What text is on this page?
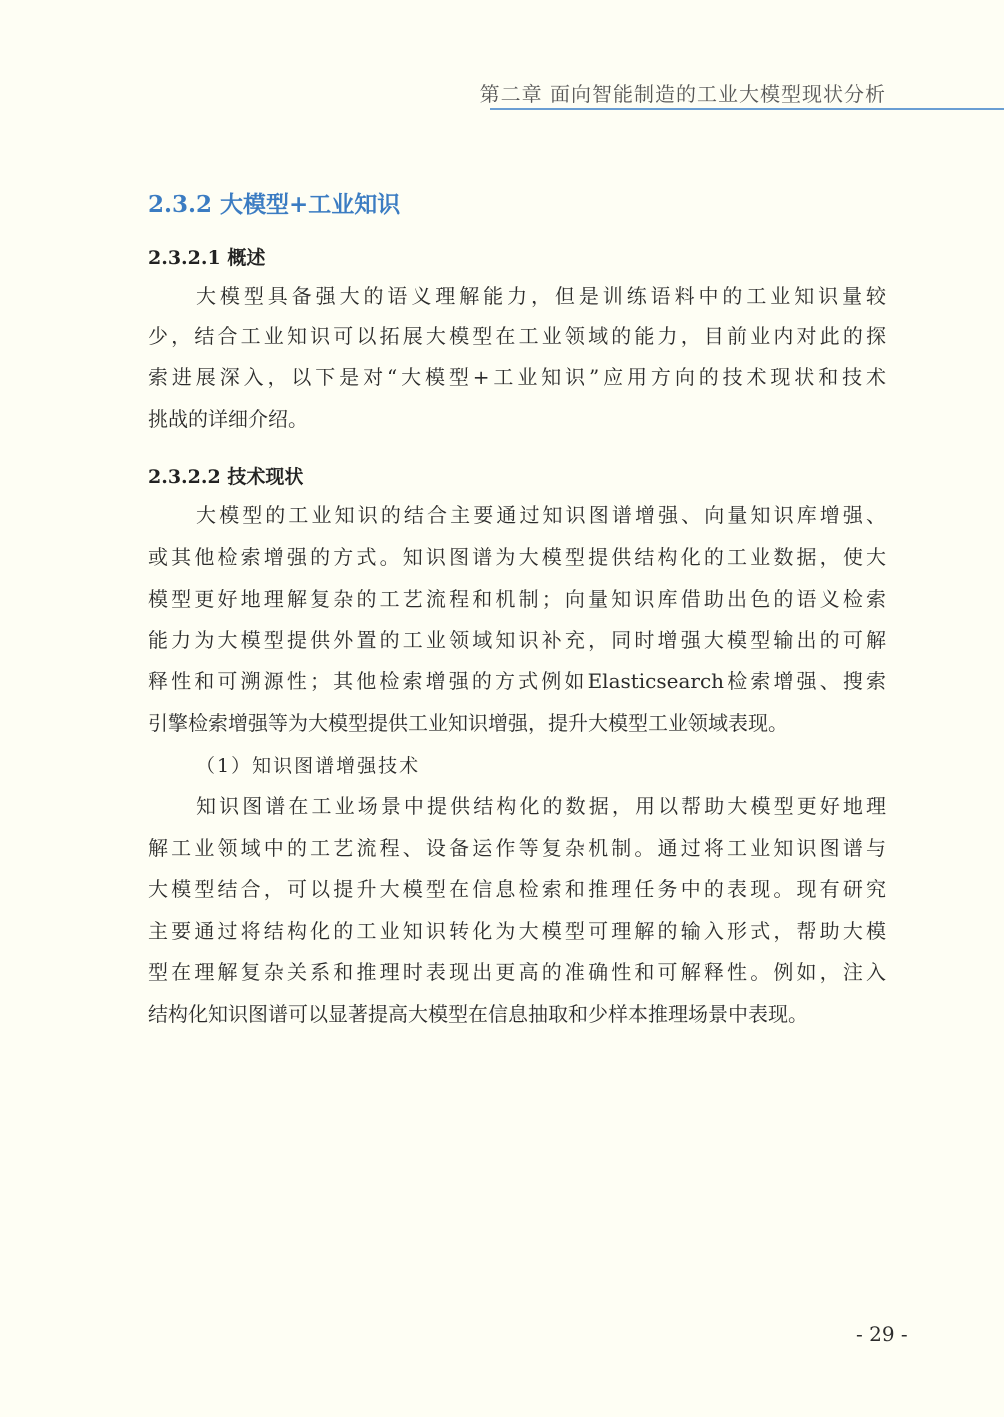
第二章 面向智能制造的工业大模型现状分析
2.3.2 大模型+工业知识
2.3.2.1 概述
大模型具备强大的语义理解能力，但是训练语料中的工业知识量较
少，结合工业知识可以拓展大模型在工业领域的能力，目前业内对此的探
索进展深入，以下是对“大模型+工业知识”应用方向的技术现状和技术
挑战的详细介绍。
2.3.2.2 技术现状
大模型的工业知识的结合主要通过知识图谱增强、向量知识库增强、
或其他检索增强的方式。知识图谱为大模型提供结构化的工业数据，使大
模型更好地理解复杂的工艺流程和机制；向量知识库借助出色的语义检索
能力为大模型提供外置的工业领域知识补充，同时增强大模型输出的可解
释性和可溯源性；其他检索增强的方式例如Elasticsearch检索增强、搜索
引擎检索增强等为大模型提供工业知识增强，提升大模型工业领域表现。
（1）知识图谱增强技术
知识图谱在工业场景中提供结构化的数据，用以帮助大模型更好地理
解工业领域中的工艺流程、设备运作等复杂机制。通过将工业知识图谱与
大模型结合，可以提升大模型在信息检索和推理任务中的表现。现有研究
主要通过将结构化的工业知识转化为大模型可理解的输入形式，帮助大模
型在理解复杂关系和推理时表现出更高的准确性和可解释性。例如，注入
结构化知识图谱可以显著提高大模型在信息抽取和少样本推理场景中表现。
- 29 -
